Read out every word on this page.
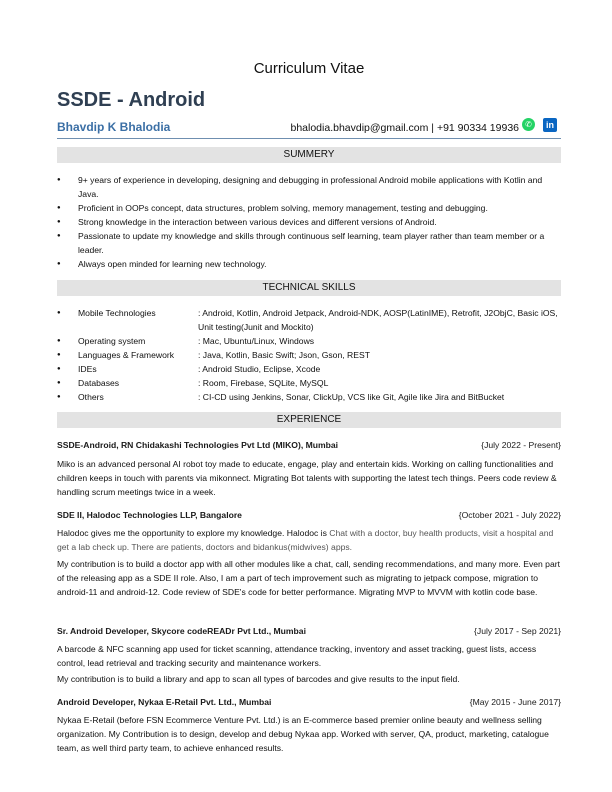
Curriculum Vitae
SSDE - Android
Bhavdip K Bhalodia	bhalodia.bhavdip@gmail.com | +91 90334 19936 ✆	in
SUMMERY
● 9+ years of experience in developing, designing and debugging in professional Android mobile applications with Kotlin and Java.
● Proficient in OOPs concept, data structures, problem solving, memory management, testing and debugging.
● Strong knowledge in the interaction between various devices and different versions of Android.
● Passionate to update my knowledge and skills through continuous self learning, team player rather than team member or a leader.
● Always open minded for learning new technology.
TECHNICAL SKILLS
● Mobile Technologies	: Android, Kotlin, Android Jetpack, Android-NDK, AOSP(LatinIME), Retrofit, J2ObjC, Basic iOS, Unit testing(Junit and Mockito)
● Operating system	: Mac, Ubuntu/Linux, Windows
● Languages & Framework	: Java, Kotlin, Basic Swift; Json, Gson, REST
● IDEs	: Android Studio, Eclipse, Xcode
● Databases	: Room, Firebase, SQLite, MySQL
● Others	: CI-CD using Jenkins, Sonar, ClickUp, VCS like Git, Agile like Jira and BitBucket
EXPERIENCE
SSDE-Android, RN Chidakashi Technologies Pvt Ltd (MIKO), Mumbai	{July 2022 - Present}

Miko is an advanced personal AI robot toy made to educate, engage, play and entertain kids. Working on calling functionalities and children keeps in touch with parents via mikonnect. Migrating Bot talents with supporting the latest tech things. Peers code review & handling scrum meetings twice in a week.

SDE II, Halodoc Technologies LLP, Bangalore	{October 2021 - July 2022}

Halodoc gives me the opportunity to explore my knowledge. Halodoc is Chat with a doctor, buy health products, visit a hospital and get a lab check up. There are patients, doctors and bidankus(midwives) apps.

My contribution is to build a doctor app with all other modules like a chat, call, sending recommendations, and many more. Even part of the releasing app as a SDE II role. Also, I am a part of tech improvement such as migrating to jetpack compose, migration to android-11 and android-12. Code review of SDE's code for better performance. Migrating MVP to MVVM with kotlin code base.

Sr. Android Developer, Skycore codeREADr Pvt Ltd., Mumbai	{July 2017 - Sep 2021}

A barcode & NFC scanning app used for ticket scanning, attendance tracking, inventory and asset tracking, guest lists, access control, lead retrieval and tracking security and maintenance workers.

My contribution is to build a library and app to scan all types of barcodes and give results to the input field.

Android Developer, Nykaa E-Retail Pvt. Ltd., Mumbai	{May 2015 - June 2017}

Nykaa E-Retail (before FSN Ecommerce Venture Pvt. Ltd.) is an E-commerce based premier online beauty and wellness selling organization. My Contribution is to design, develop and debug Nykaa app. Worked with server, QA, product, marketing, catalogue team, as well third party team, to achieve enhanced results.
